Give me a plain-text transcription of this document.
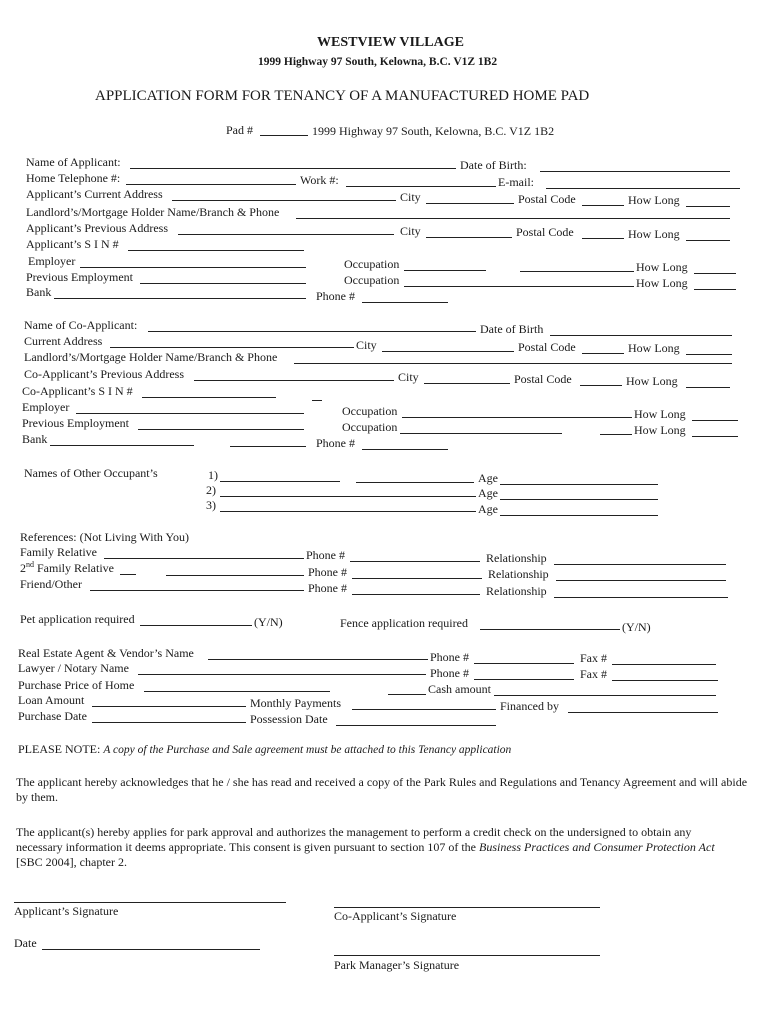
WESTVIEW VILLAGE
1999 Highway 97 South, Kelowna, B.C. V1Z 1B2
APPLICATION FORM FOR TENANCY OF A MANUFACTURED HOME PAD
Pad #	1999 Highway 97 South, Kelowna, B.C. V1Z 1B2
Name of Applicant:	Date of Birth:
Home Telephone #:	Work #:	E-mail:
Applicant’s Current Address	City	Postal Code	How Long
Landlord’s/Mortgage Holder Name/Branch & Phone
Applicant’s Previous Address	City	Postal Code	How Long
Applicant’s S I N #
Employer	Occupation	How Long
Previous Employment	Occupation	How Long
Bank	Phone #
Name of Co-Applicant:	Date of Birth
Current Address	City	Postal Code	How Long
Landlord’s/Mortgage Holder Name/Branch & Phone
Co-Applicant’s Previous Address	City	Postal Code	How Long
Co-Applicant’s S I N #
Employer	Occupation	How Long
Previous Employment	Occupation	How Long
Bank	Phone #
Names of Other Occupant’s	1)	Age
2)	Age
3)	Age
References: (Not Living With You)
Family Relative	Phone #	Relationship
2nd Family Relative	Phone #	Relationship
Friend/Other	Phone #	Relationship
Pet application required	(Y/N)	Fence application required	(Y/N)
Real Estate Agent & Vendor’s Name	Phone #	Fax #
Lawyer / Notary Name	Phone #	Fax #
Purchase Price of Home	Cash amount
Loan Amount	Monthly Payments	Financed by
Purchase Date	Possession Date
PLEASE NOTE: A copy of the Purchase and Sale agreement must be attached to this Tenancy application
The applicant hereby acknowledges that he / she has read and received a copy of the Park Rules and Regulations and Tenancy Agreement and will abide by them.
The applicant(s) hereby applies for park approval and authorizes the management to perform a credit check on the undersigned to obtain any necessary information it deems appropriate. This consent is given pursuant to section 107 of the Business Practices and Consumer Protection Act [SBC 2004], chapter 2.
Applicant’s Signature	Co-Applicant’s Signature
Date
Park Manager’s Signature
